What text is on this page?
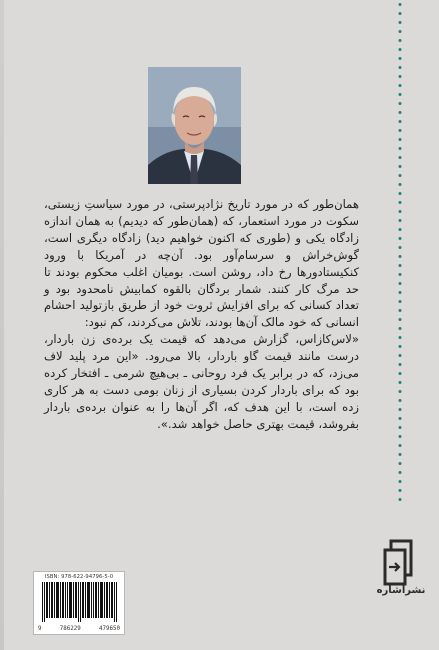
همان‌طور که در مورد تاریخ نژادپرستی، در مورد سیاستِ زیستی، سکوت در مورد استعمار، که (همان‌طور که دیدیم) به همان اندازه زادگاه یکی و (طوری که اکنون خواهیم دید) زادگاه دیگری است، گوش‌خراش و سرسام‌آور بود. آن‌چه در آمریکا با ورود کنکیستادورها رخ داد، روشن است. بومیان اغلب محکوم بودند تا حد مرگ کار کنند. شمار بردگان بالقوه کمابیش نامحدود بود و تعداد کسانی که برای افزایش ثروت خود از طریق بازتولید احشام انسانی که خود مالک آن‌ها بودند، تلاش می‌کردند، کم نبود:

«لاس‌کازاس، گزارش می‌دهد که قیمت یک برده‌ی زن باردار، درست مانند قیمت گاو باردار، بالا می‌رود. «این مرد پلید لاف می‌زد، که در برابر یک فرد روحانی ـ بی‌هیچ شرمی ـ افتخار کرده بود که برای باردار کردن بسیاری از زنان بومی دست به هر کاری زده است، با این هدف که، اگر آن‌ها را به عنوان برده‌ی باردار بفروشد، قیمت بهتری حاصل خواهد شد.».

نشراشاره
ISBN: 978-622-94796-5-0
9	786229	479650
